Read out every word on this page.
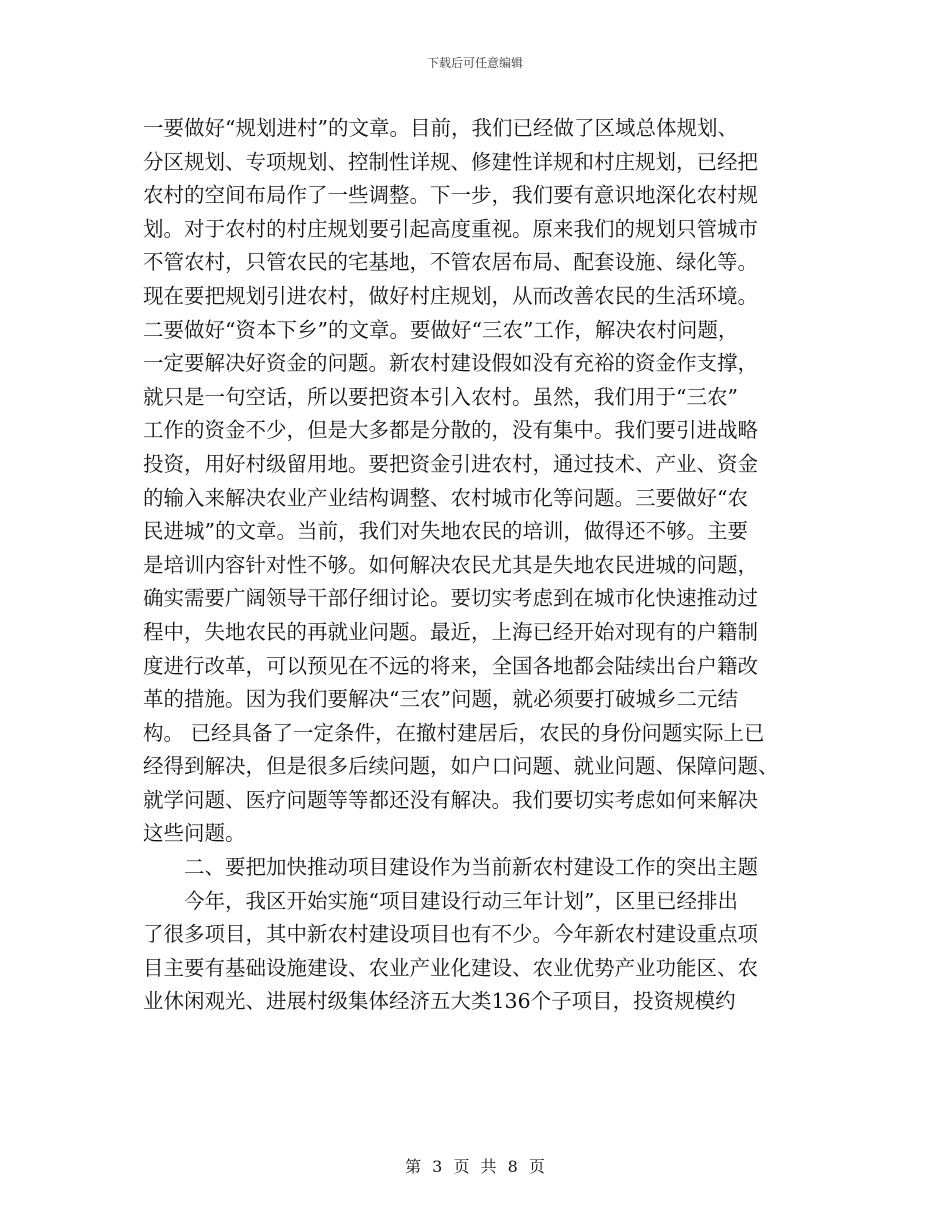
下载后可任意编辑
一要做好“规划进村”的文章。目前，我们已经做了区域总体规划、
分区规划、专项规划、控制性详规、修建性详规和村庄规划，已经把
农村的空间布局作了一些调整。下一步，我们要有意识地深化农村规
划。对于农村的村庄规划要引起高度重视。原来我们的规划只管城市
不管农村，只管农民的宅基地，不管农居布局、配套设施、绿化等。
现在要把规划引进农村，做好村庄规划，从而改善农民的生活环境。
二要做好“资本下乡”的文章。要做好“三农”工作，解决农村问题，
一定要解决好资金的问题。新农村建设假如没有充裕的资金作支撑，
就只是一句空话，所以要把资本引入农村。虽然，我们用于“三农”
工作的资金不少，但是大多都是分散的，没有集中。我们要引进战略
投资，用好村级留用地。要把资金引进农村，通过技术、产业、资金
的输入来解决农业产业结构调整、农村城市化等问题。三要做好“农
民进城”的文章。当前，我们对失地农民的培训，做得还不够。主要
是培训内容针对性不够。如何解决农民尤其是失地农民进城的问题，
确实需要广阔领导干部仔细讨论。要切实考虑到在城市化快速推动过
程中，失地农民的再就业问题。最近，上海已经开始对现有的户籍制
度进行改革，可以预见在不远的将来，全国各地都会陆续出台户籍改
革的措施。因为我们要解决“三农”问题，就必须要打破城乡二元结
构。 已经具备了一定条件，在撤村建居后，农民的身份问题实际上已
经得到解决，但是很多后续问题，如户口问题、就业问题、保障问题、
就学问题、医疗问题等等都还没有解决。我们要切实考虑如何来解决
这些问题。
　　二、要把加快推动项目建设作为当前新农村建设工作的突出主题
　　今年，我区开始实施“项目建设行动三年计划”，区里已经排出
了很多项目，其中新农村建设项目也有不少。今年新农村建设重点项
目主要有基础设施建设、农业产业化建设、农业优势产业功能区、农
业休闲观光、进展村级集体经济五大类136个子项目，投资规模约
第 3 页 共 8 页
